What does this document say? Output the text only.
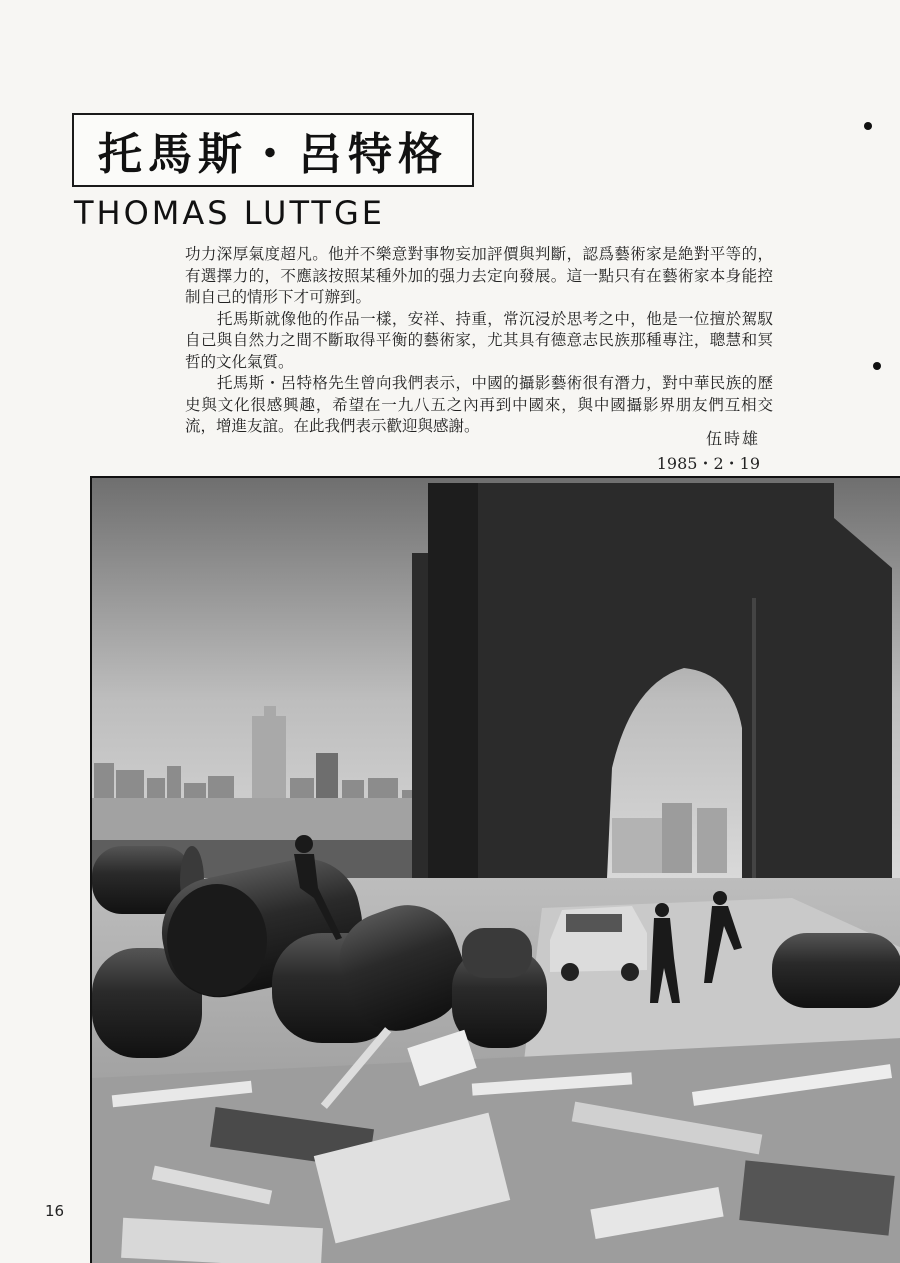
托馬斯・呂特格
THOMAS LUTTGE

功力深厚氣度超凡。他并不樂意對事物妄加評價與判斷，認爲藝術家是絶對平等的，有選擇力的，不應該按照某種外加的强力去定向發展。這一點只有在藝術家本身能控制自己的情形下才可辦到。

托馬斯就像他的作品一樣，安祥、持重，常沉浸於思考之中，他是一位擅於駕馭自己與自然力之間不斷取得平衡的藝術家，尤其具有德意志民族那種專注，聰慧和冥哲的文化氣質。

托馬斯・呂特格先生曾向我們表示，中國的攝影藝術很有潛力，對中華民族的歷史與文化很感興趣，希望在一九八五之內再到中國來，與中國攝影界朋友們互相交流，增進友誼。在此我們表示歡迎與感謝。

伍時雄
1985・2・19
16
